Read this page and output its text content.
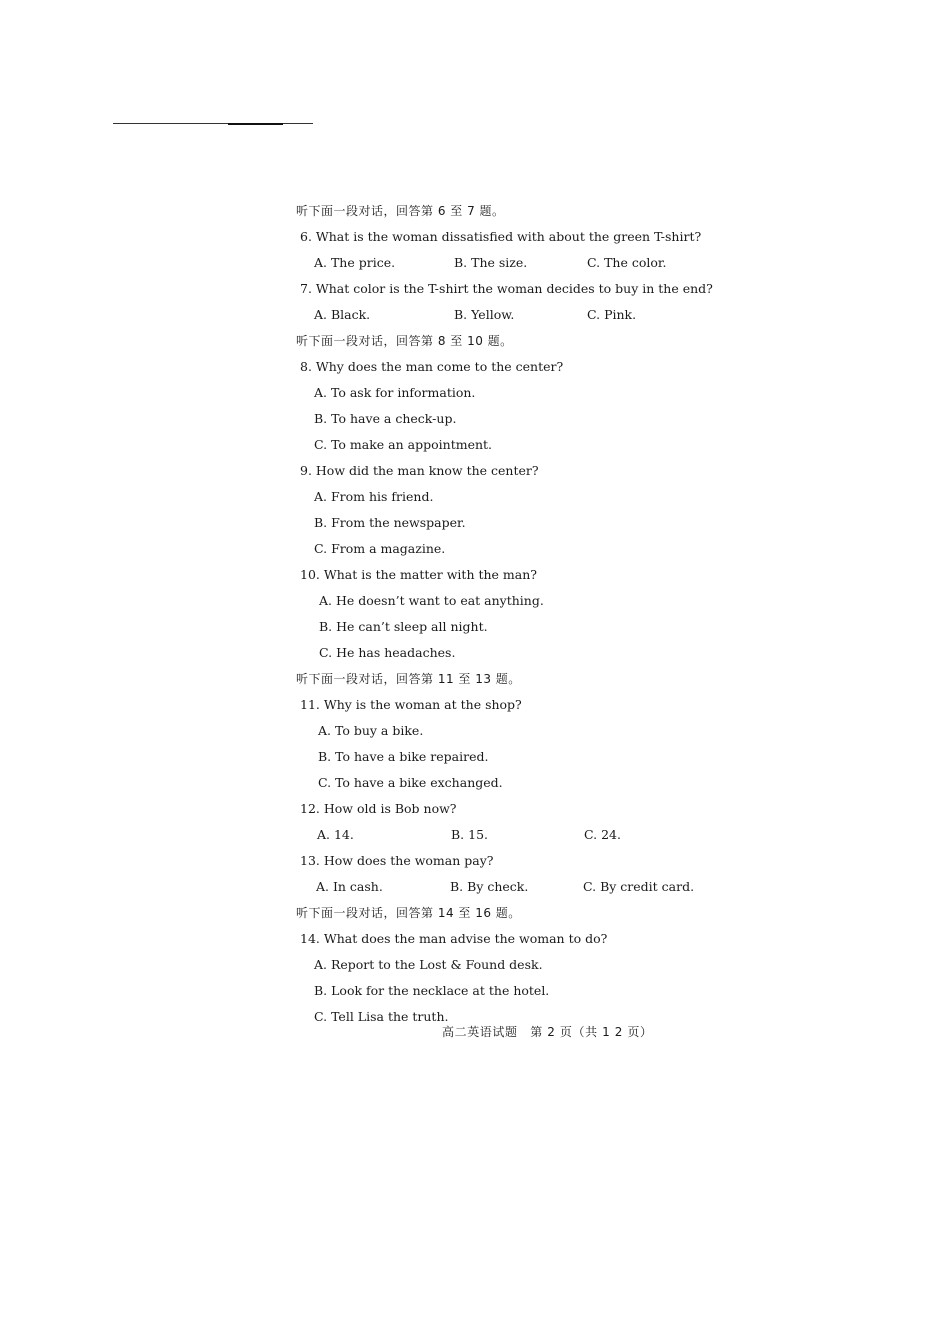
听下面一段对话，回答第 6 至 7 题。
6. What is the woman dissatisfied with about the green T-shirt?
A. The price.	B. The size.	C. The color.
7. What color is the T-shirt the woman decides to buy in the end?
A. Black.	B. Yellow.	C. Pink.
听下面一段对话，回答第 8 至 10 题。
8. Why does the man come to the center?
A. To ask for information.
B. To have a check-up.
C. To make an appointment.
9. How did the man know the center?
A. From his friend.
B. From the newspaper.
C. From a magazine.
10. What is the matter with the man?
A. He doesn’t want to eat anything.
B. He can’t sleep all night.
C. He has headaches.
听下面一段对话，回答第 11 至 13 题。
11. Why is the woman at the shop?
A. To buy a bike.
B. To have a bike repaired.
C. To have a bike exchanged.
12. How old is Bob now?
A. 14.	B. 15.	C. 24.
13. How does the woman pay?
A. In cash.	B. By check.	C. By credit card.
听下面一段对话，回答第 14 至 16 题。
14. What does the man advise the woman to do?
A. Report to the Lost & Found desk.
B. Look for the necklace at the hotel.
C. Tell Lisa the truth.
高二英语试题　第 2 页（共 1 2 页）
